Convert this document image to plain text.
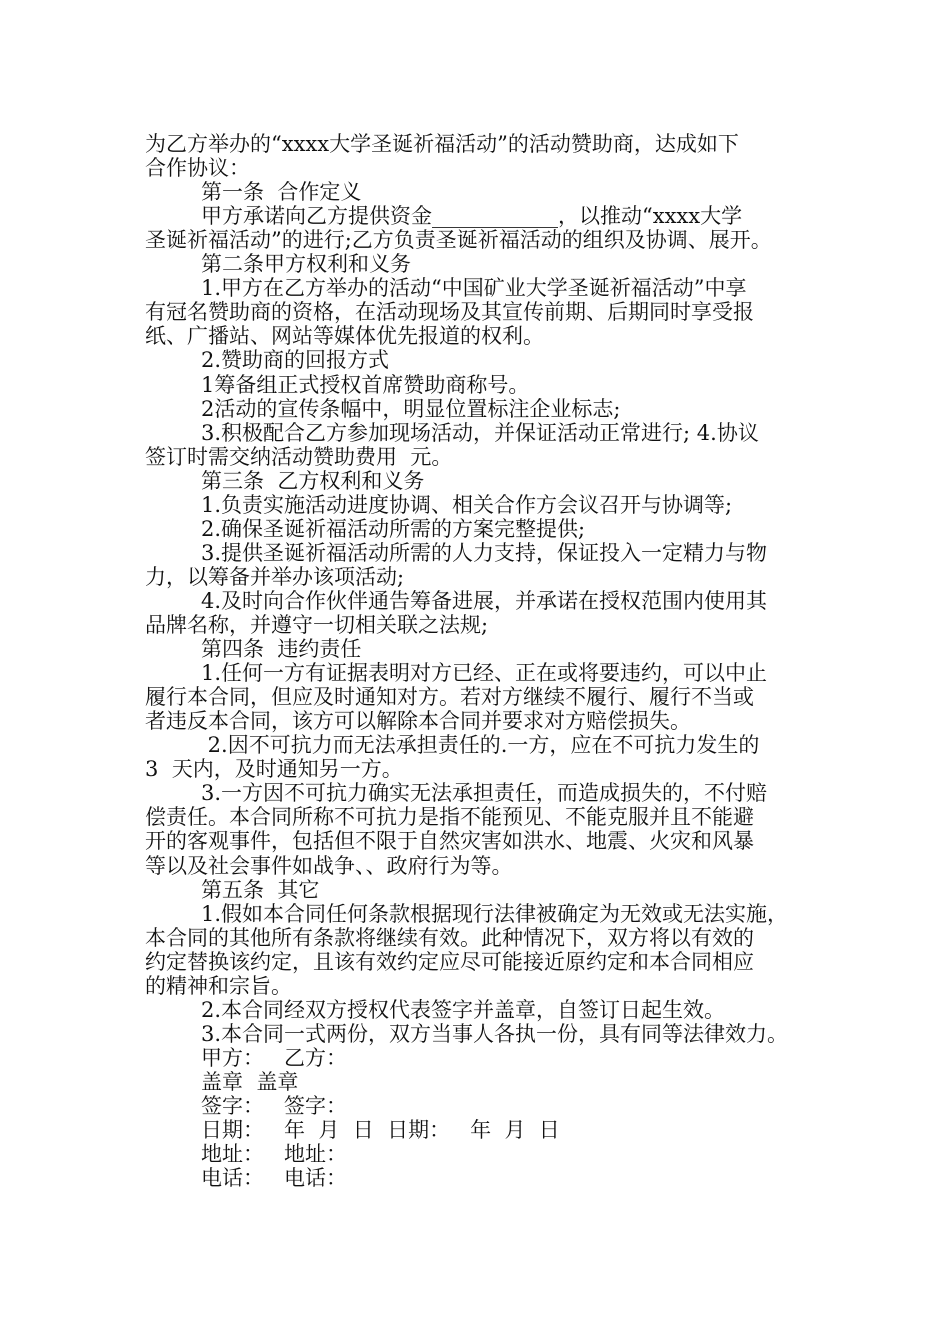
为乙方举办的“xxxx大学圣诞祈福活动”的活动赞助商，达成如下
合作协议：
第一条  合作定义
甲方承诺向乙方提供资金____________，以推动“xxxx大学
圣诞祈福活动”的进行;乙方负责圣诞祈福活动的组织及协调、展开。
第二条甲方权利和义务
1.甲方在乙方举办的活动“中国矿业大学圣诞祈福活动”中享
有冠名赞助商的资格，在活动现场及其宣传前期、后期同时享受报
纸、广播站、网站等媒体优先报道的权利。
2.赞助商的回报方式
1筹备组正式授权首席赞助商称号。
2活动的宣传条幅中，明显位置标注企业标志;
3.积极配合乙方参加现场活动，并保证活动正常进行; 4.协议
签订时需交纳活动赞助费用  元。
第三条  乙方权利和义务
1.负责实施活动进度协调、相关合作方会议召开与协调等;
2.确保圣诞祈福活动所需的方案完整提供;
3.提供圣诞祈福活动所需的人力支持，保证投入一定精力与物
力，以筹备并举办该项活动;
4.及时向合作伙伴通告筹备进展，并承诺在授权范围内使用其
品牌名称，并遵守一切相关联之法规;
第四条  违约责任
1.任何一方有证据表明对方已经、正在或将要违约，可以中止
履行本合同，但应及时通知对方。若对方继续不履行、履行不当或
者违反本合同，该方可以解除本合同并要求对方赔偿损失。
2.因不可抗力而无法承担责任的.一方，应在不可抗力发生的
3  天内，及时通知另一方。
3.一方因不可抗力确实无法承担责任，而造成损失的，不付赔
偿责任。本合同所称不可抗力是指不能预见、不能克服并且不能避
开的客观事件，包括但不限于自然灾害如洪水、地震、火灾和风暴
等以及社会事件如战争、、政府行为等。
第五条  其它
1.假如本合同任何条款根据现行法律被确定为无效或无法实施，
本合同的其他所有条款将继续有效。此种情况下，双方将以有效的
约定替换该约定，且该有效约定应尽可能接近原约定和本合同相应
的精神和宗旨。
2.本合同经双方授权代表签字并盖章，自签订日起生效。
3.本合同一式两份，双方当事人各执一份，具有同等法律效力。
甲方：   乙方：
盖章  盖章
签字：   签字：
日期：   年  月  日  日期：   年  月  日
地址：   地址：
电话：   电话：
